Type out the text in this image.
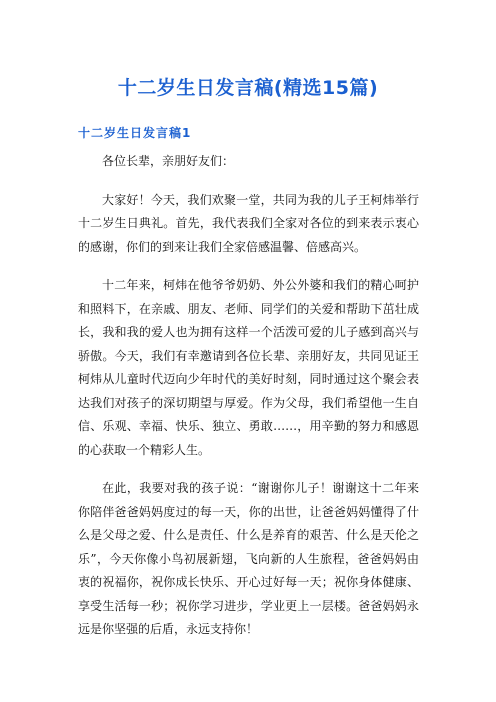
十二岁生日发言稿(精选15篇)
十二岁生日发言稿1

各位长辈，亲朋好友们：

大家好！今天，我们欢聚一堂，共同为我的儿子王柯炜举行十二岁生日典礼。首先，我代表我们全家对各位的到来表示衷心的感谢，你们的到来让我们全家倍感温馨、倍感高兴。

十二年来，柯炜在他爷爷奶奶、外公外婆和我们的精心呵护和照料下，在亲戚、朋友、老师、同学们的关爱和帮助下茁壮成长，我和我的爱人也为拥有这样一个活泼可爱的儿子感到高兴与骄傲。今天，我们有幸邀请到各位长辈、亲朋好友，共同见证王柯炜从儿童时代迈向少年时代的美好时刻，同时通过这个聚会表达我们对孩子的深切期望与厚爱。作为父母，我们希望他一生自信、乐观、幸福、快乐、独立、勇敢……，用辛勤的努力和感恩的心获取一个精彩人生。

在此，我要对我的孩子说：“谢谢你儿子！谢谢这十二年来你陪伴爸爸妈妈度过的每一天，你的出世，让爸爸妈妈懂得了什么是父母之爱、什么是责任、什么是养育的艰苦、什么是天伦之乐”，今天你像小鸟初展新翅，飞向新的人生旅程，爸爸妈妈由衷的祝福你，祝你成长快乐、开心过好每一天；祝你身体健康、享受生活每一秒；祝你学习进步，学业更上一层楼。爸爸妈妈永远是你坚强的后盾，永远支持你！
